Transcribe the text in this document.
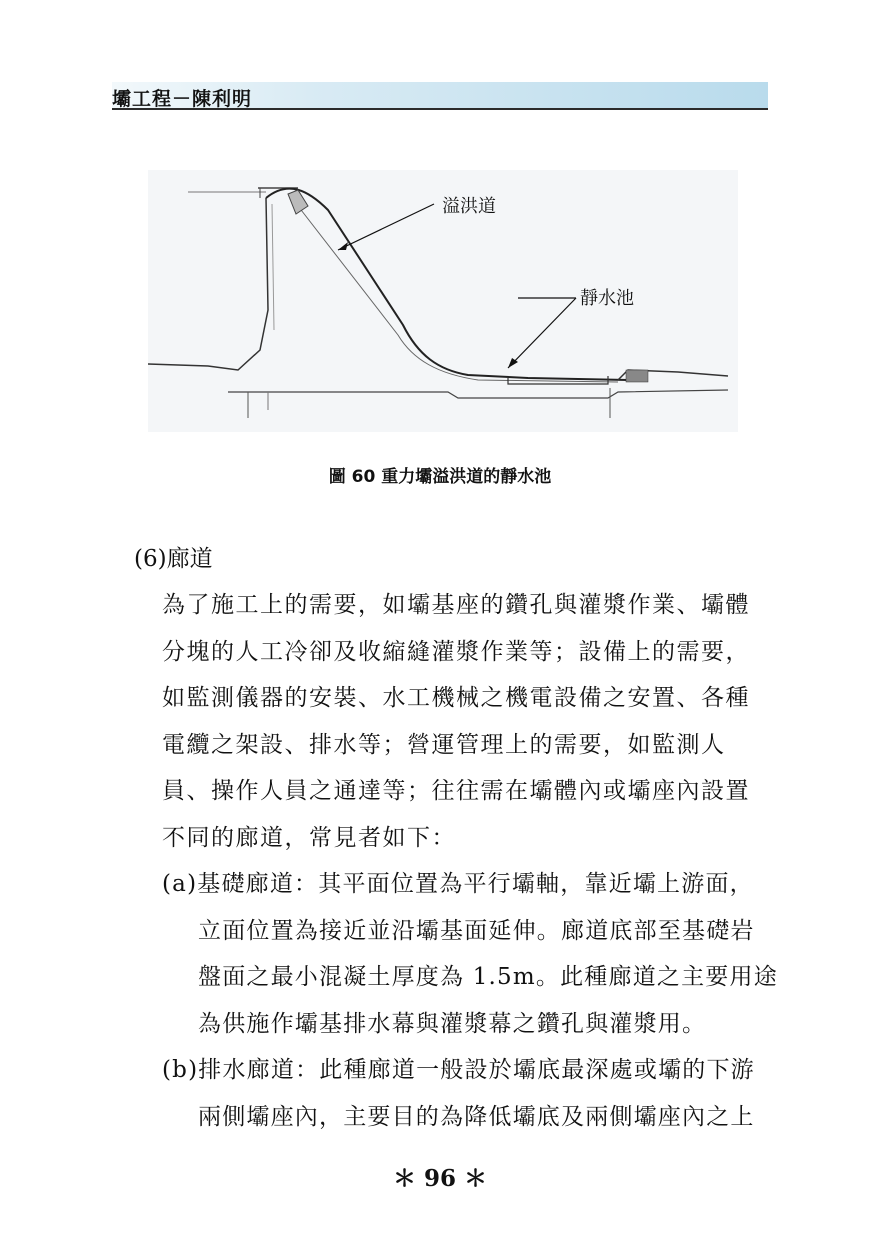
壩工程－陳利明
溢洪道
靜水池
圖 60 重力壩溢洪道的靜水池
(6)廊道
為了施工上的需要，如壩基座的鑽孔與灌漿作業、壩體
分塊的人工冷卻及收縮縫灌漿作業等；設備上的需要，
如監測儀器的安裝、水工機械之機電設備之安置、各種
電纜之架設、排水等；營運管理上的需要，如監測人
員、操作人員之通達等；往往需在壩體內或壩座內設置
不同的廊道，常見者如下：
(a)基礎廊道：其平面位置為平行壩軸，靠近壩上游面，
立面位置為接近並沿壩基面延伸。廊道底部至基礎岩
盤面之最小混凝土厚度為 1.5m。此種廊道之主要用途
為供施作壩基排水幕與灌漿幕之鑽孔與灌漿用。
(b)排水廊道：此種廊道一般設於壩底最深處或壩的下游
兩側壩座內，主要目的為降低壩底及兩側壩座內之上
＊ 96 ＊
